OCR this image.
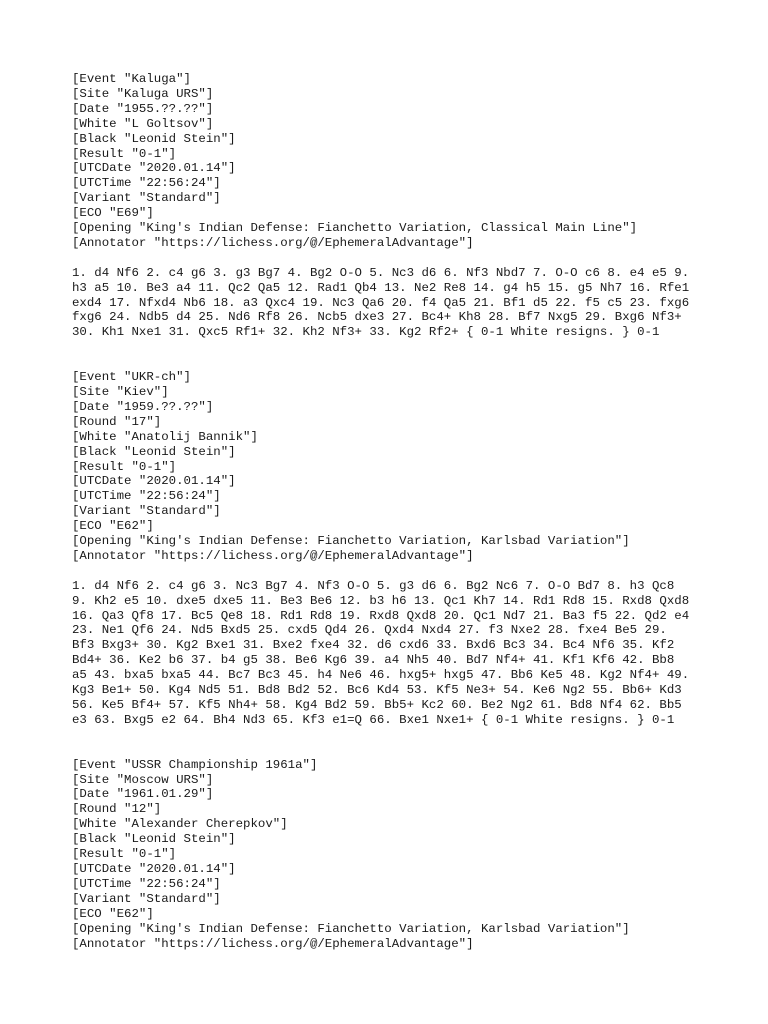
[Event "Kaluga"]
[Site "Kaluga URS"]
[Date "1955.??.??"]
[White "L Goltsov"]
[Black "Leonid Stein"]
[Result "0-1"]
[UTCDate "2020.01.14"]
[UTCTime "22:56:24"]
[Variant "Standard"]
[ECO "E69"]
[Opening "King's Indian Defense: Fianchetto Variation, Classical Main Line"]
[Annotator "https://lichess.org/@/EphemeralAdvantage"]
1. d4 Nf6 2. c4 g6 3. g3 Bg7 4. Bg2 O-O 5. Nc3 d6 6. Nf3 Nbd7 7. O-O c6 8. e4 e5 9.
h3 a5 10. Be3 a4 11. Qc2 Qa5 12. Rad1 Qb4 13. Ne2 Re8 14. g4 h5 15. g5 Nh7 16. Rfe1
exd4 17. Nfxd4 Nb6 18. a3 Qxc4 19. Nc3 Qa6 20. f4 Qa5 21. Bf1 d5 22. f5 c5 23. fxg6
fxg6 24. Ndb5 d4 25. Nd6 Rf8 26. Ncb5 dxe3 27. Bc4+ Kh8 28. Bf7 Nxg5 29. Bxg6 Nf3+
30. Kh1 Nxe1 31. Qxc5 Rf1+ 32. Kh2 Nf3+ 33. Kg2 Rf2+ { 0-1 White resigns. } 0-1
[Event "UKR-ch"]
[Site "Kiev"]
[Date "1959.??.??"]
[Round "17"]
[White "Anatolij Bannik"]
[Black "Leonid Stein"]
[Result "0-1"]
[UTCDate "2020.01.14"]
[UTCTime "22:56:24"]
[Variant "Standard"]
[ECO "E62"]
[Opening "King's Indian Defense: Fianchetto Variation, Karlsbad Variation"]
[Annotator "https://lichess.org/@/EphemeralAdvantage"]
1. d4 Nf6 2. c4 g6 3. Nc3 Bg7 4. Nf3 O-O 5. g3 d6 6. Bg2 Nc6 7. O-O Bd7 8. h3 Qc8
9. Kh2 e5 10. dxe5 dxe5 11. Be3 Be6 12. b3 h6 13. Qc1 Kh7 14. Rd1 Rd8 15. Rxd8 Qxd8
16. Qa3 Qf8 17. Bc5 Qe8 18. Rd1 Rd8 19. Rxd8 Qxd8 20. Qc1 Nd7 21. Ba3 f5 22. Qd2 e4
23. Ne1 Qf6 24. Nd5 Bxd5 25. cxd5 Qd4 26. Qxd4 Nxd4 27. f3 Nxe2 28. fxe4 Be5 29.
Bf3 Bxg3+ 30. Kg2 Bxe1 31. Bxe2 fxe4 32. d6 cxd6 33. Bxd6 Bc3 34. Bc4 Nf6 35. Kf2
Bd4+ 36. Ke2 b6 37. b4 g5 38. Be6 Kg6 39. a4 Nh5 40. Bd7 Nf4+ 41. Kf1 Kf6 42. Bb8
a5 43. bxa5 bxa5 44. Bc7 Bc3 45. h4 Ne6 46. hxg5+ hxg5 47. Bb6 Ke5 48. Kg2 Nf4+ 49.
Kg3 Be1+ 50. Kg4 Nd5 51. Bd8 Bd2 52. Bc6 Kd4 53. Kf5 Ne3+ 54. Ke6 Ng2 55. Bb6+ Kd3
56. Ke5 Bf4+ 57. Kf5 Nh4+ 58. Kg4 Bd2 59. Bb5+ Kc2 60. Be2 Ng2 61. Bd8 Nf4 62. Bb5
e3 63. Bxg5 e2 64. Bh4 Nd3 65. Kf3 e1=Q 66. Bxe1 Nxe1+ { 0-1 White resigns. } 0-1
[Event "USSR Championship 1961a"]
[Site "Moscow URS"]
[Date "1961.01.29"]
[Round "12"]
[White "Alexander Cherepkov"]
[Black "Leonid Stein"]
[Result "0-1"]
[UTCDate "2020.01.14"]
[UTCTime "22:56:24"]
[Variant "Standard"]
[ECO "E62"]
[Opening "King's Indian Defense: Fianchetto Variation, Karlsbad Variation"]
[Annotator "https://lichess.org/@/EphemeralAdvantage"]
